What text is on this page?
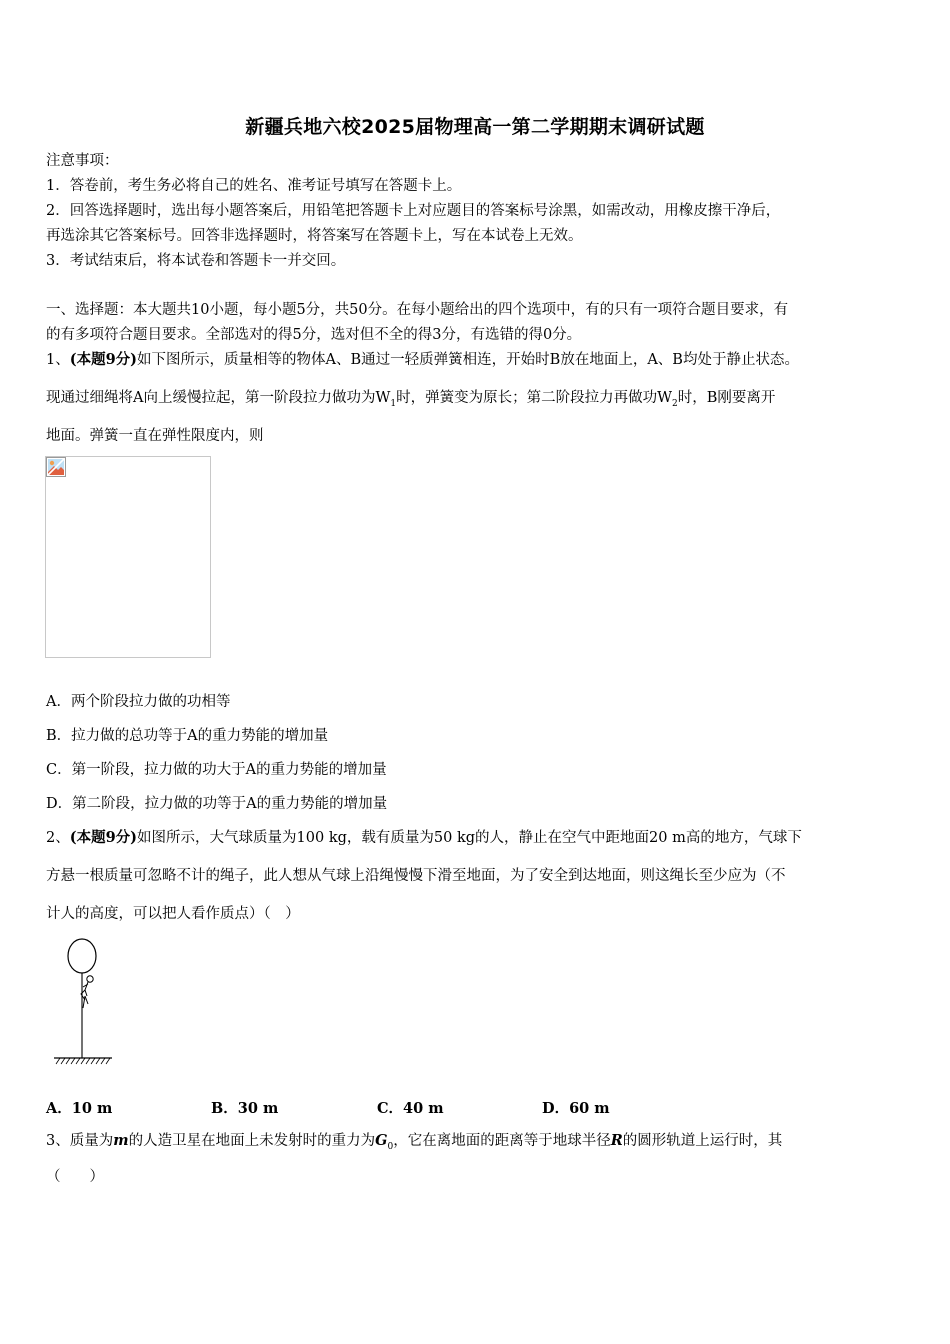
新疆兵地六校2025届物理高一第二学期期末调研试题
注意事项：
1．答卷前，考生务必将自己的姓名、准考证号填写在答题卡上。
2．回答选择题时，选出每小题答案后，用铅笔把答题卡上对应题目的答案标号涂黑，如需改动，用橡皮擦干净后，
再选涂其它答案标号。回答非选择题时，将答案写在答题卡上，写在本试卷上无效。
3．考试结束后，将本试卷和答题卡一并交回。
一、选择题：本大题共10小题，每小题5分，共50分。在每小题给出的四个选项中，有的只有一项符合题目要求，有
的有多项符合题目要求。全部选对的得5分，选对但不全的得3分，有选错的得0分。
1、(本题9分)如下图所示，质量相等的物体A、B通过一轻质弹簧相连，开始时B放在地面上，A、B均处于静止状态。
现通过细绳将A向上缓慢拉起，第一阶段拉力做功为$W_1$时，弹簧变为原长；第二阶段拉力再做功$W_2$时，B刚要离开
地面。弹簧一直在弹性限度内，则
A．两个阶段拉力做的功相等
B．拉力做的总功等于A的重力势能的增加量
C．第一阶段，拉力做的功大于A的重力势能的增加量
D．第二阶段，拉力做的功等于A的重力势能的增加量
2、(本题9分)如图所示，大气球质量为100 kg，载有质量为50 kg的人，静止在空气中距地面20 m高的地方，气球下
方悬一根质量可忽略不计的绳子，此人想从气球上沿绳慢慢下滑至地面，为了安全到达地面，则这绳长至少应为（不
计人的高度，可以把人看作质点）（　）
3、质量为m的人造卫星在地面上未发射时的重力为$G_0$，它在离地面的距离等于地球半径R的圆形轨道上运行时，其
（　　）
A．10 m	B．30 m	C．40 m	D．60 m
